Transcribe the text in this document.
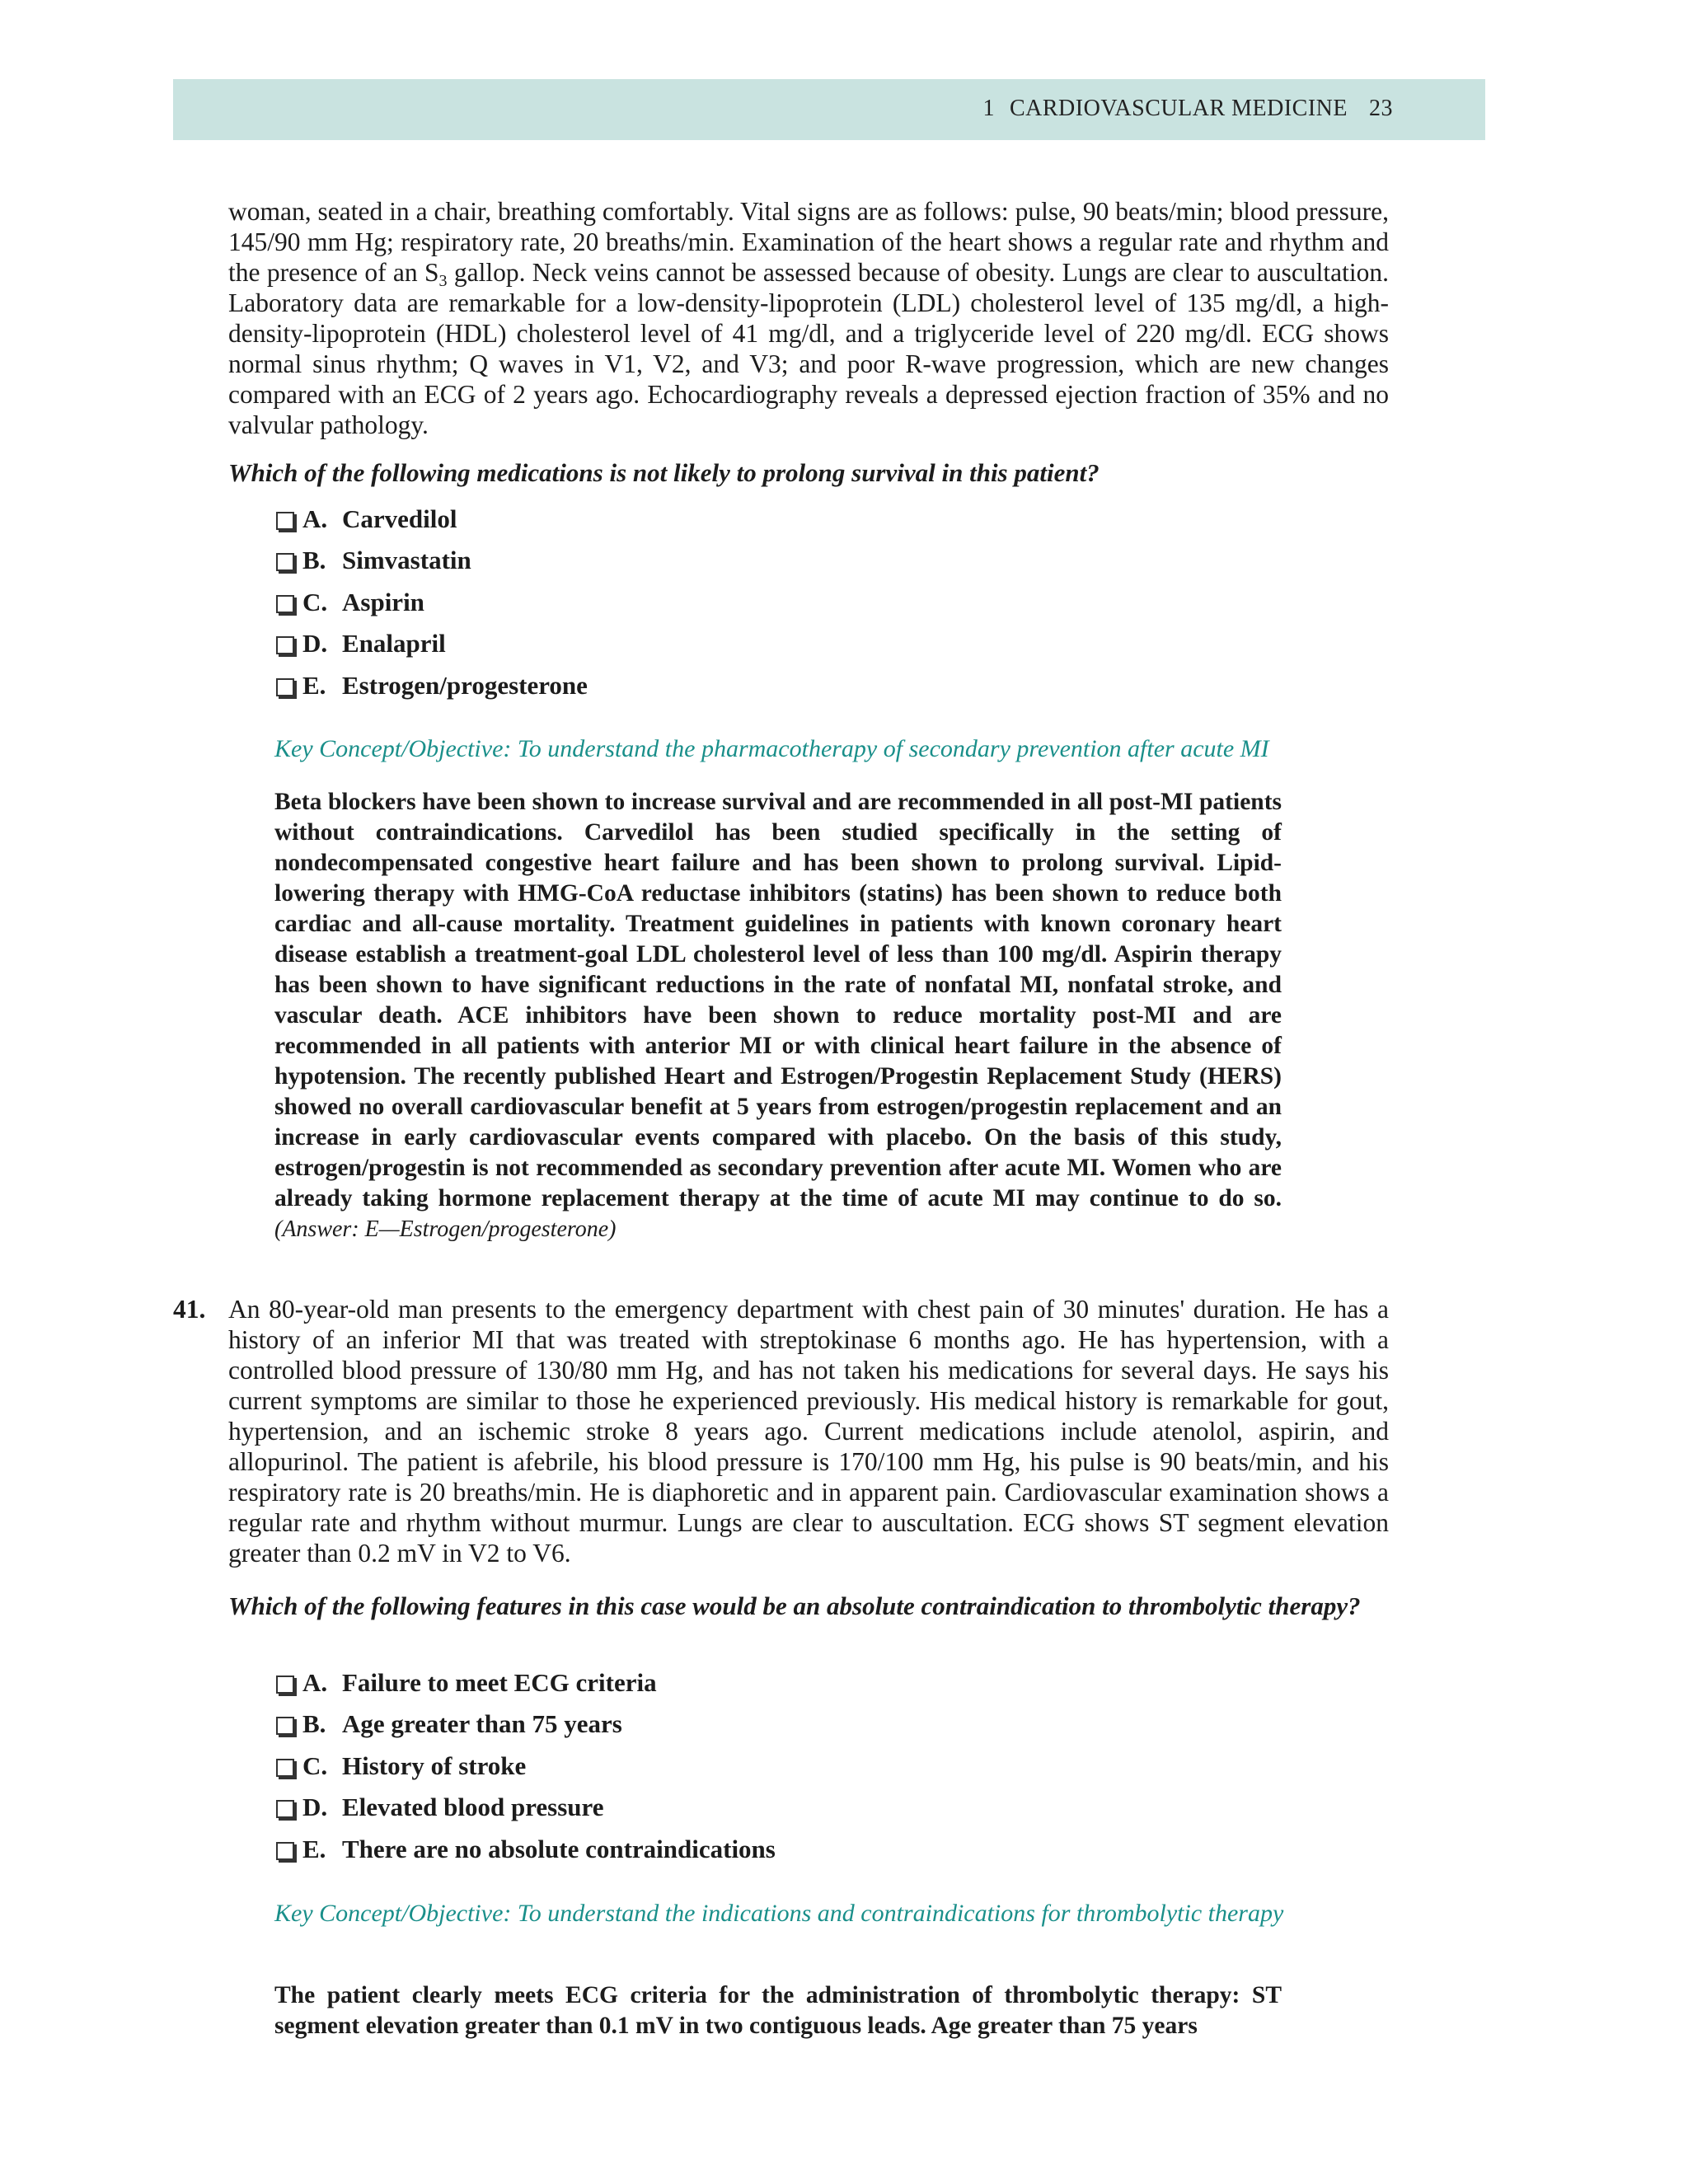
1 CARDIOVASCULAR MEDICINE 23

woman, seated in a chair, breathing comfortably. Vital signs are as follows: pulse, 90 beats/min; blood pressure, 145/90 mm Hg; respiratory rate, 20 breaths/min. Examination of the heart shows a regular rate and rhythm and the presence of an $S_3$ gallop. Neck veins cannot be assessed because of obesity. Lungs are clear to auscultation. Laboratory data are remarkable for a low-density-lipoprotein (LDL) cholesterol level of 135 mg/dl, a high-density-lipoprotein (HDL) cholesterol level of 41 mg/dl, and a triglyceride level of 220 mg/dl. ECG shows normal sinus rhythm; Q waves in V1, V2, and V3; and poor R-wave progression, which are new changes compared with an ECG of 2 years ago. Echocardiography reveals a depressed ejection fraction of 35% and no valvular pathology.

Which of the following medications is not likely to prolong survival in this patient?
A. Carvedilol
B. Simvastatin
C. Aspirin
D. Enalapril
E. Estrogen/progesterone
Key Concept/Objective: To understand the pharmacotherapy of secondary prevention after acute MI
Beta blockers have been shown to increase survival and are recommended in all post-MI patients without contraindications. Carvedilol has been studied specifically in the setting of nondecompensated congestive heart failure and has been shown to prolong survival. Lipid-lowering therapy with HMG-CoA reductase inhibitors (statins) has been shown to reduce both cardiac and all-cause mortality. Treatment guidelines in patients with known coronary heart disease establish a treatment-goal LDL cholesterol level of less than 100 mg/dl. Aspirin therapy has been shown to have significant reductions in the rate of nonfatal MI, nonfatal stroke, and vascular death. ACE inhibitors have been shown to reduce mortality post-MI and are recommended in all patients with anterior MI or with clinical heart failure in the absence of hypotension. The recently published Heart and Estrogen/Progestin Replacement Study (HERS) showed no overall cardiovascular benefit at 5 years from estrogen/progestin replacement and an increase in early cardiovascular events compared with placebo. On the basis of this study, estrogen/progestin is not recommended as secondary prevention after acute MI. Women who are already taking hormone replacement therapy at the time of acute MI may continue to do so. (Answer: E—Estrogen/progesterone)
41. An 80-year-old man presents to the emergency department with chest pain of 30 minutes' duration. He has a history of an inferior MI that was treated with streptokinase 6 months ago. He has hypertension, with a controlled blood pressure of 130/80 mm Hg, and has not taken his medications for several days. He says his current symptoms are similar to those he experienced previously. His medical history is remarkable for gout, hypertension, and an ischemic stroke 8 years ago. Current medications include atenolol, aspirin, and allopurinol. The patient is afebrile, his blood pressure is 170/100 mm Hg, his pulse is 90 beats/min, and his respiratory rate is 20 breaths/min. He is diaphoretic and in apparent pain. Cardiovascular examination shows a regular rate and rhythm without murmur. Lungs are clear to auscultation. ECG shows ST segment elevation greater than 0.2 mV in V2 to V6.

Which of the following features in this case would be an absolute contraindication to thrombolytic therapy?
A. Failure to meet ECG criteria
B. Age greater than 75 years
C. History of stroke
D. Elevated blood pressure
E. There are no absolute contraindications
Key Concept/Objective: To understand the indications and contraindications for thrombolytic therapy
The patient clearly meets ECG criteria for the administration of thrombolytic therapy: ST segment elevation greater than 0.1 mV in two contiguous leads. Age greater than 75 years
